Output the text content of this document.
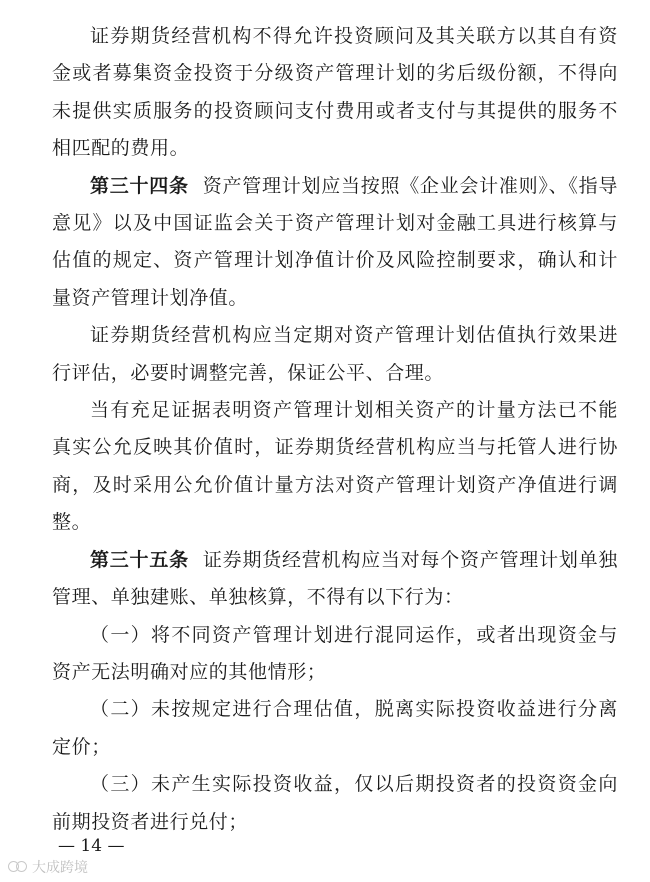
证券期货经营机构不得允许投资顾问及其关联方以其自有资金或者募集资金投资于分级资产管理计划的劣后级份额，不得向未提供实质服务的投资顾问支付费用或者支付与其提供的服务不相匹配的费用。

第三十四条 资产管理计划应当按照《企业会计准则》、《指导意见》以及中国证监会关于资产管理计划对金融工具进行核算与估值的规定、资产管理计划净值计价及风险控制要求，确认和计量资产管理计划净值。

证券期货经营机构应当定期对资产管理计划估值执行效果进行评估，必要时调整完善，保证公平、合理。

当有充足证据表明资产管理计划相关资产的计量方法已不能真实公允反映其价值时，证券期货经营机构应当与托管人进行协商，及时采用公允价值计量方法对资产管理计划资产净值进行调整。

第三十五条 证券期货经营机构应当对每个资产管理计划单独管理、单独建账、单独核算，不得有以下行为：

（一）将不同资产管理计划进行混同运作，或者出现资金与资产无法明确对应的其他情形；

（二）未按规定进行合理估值，脱离实际投资收益进行分离定价；

（三）未产生实际投资收益，仅以后期投资者的投资资金向前期投资者进行兑付；

— 14 —
大成跨境
